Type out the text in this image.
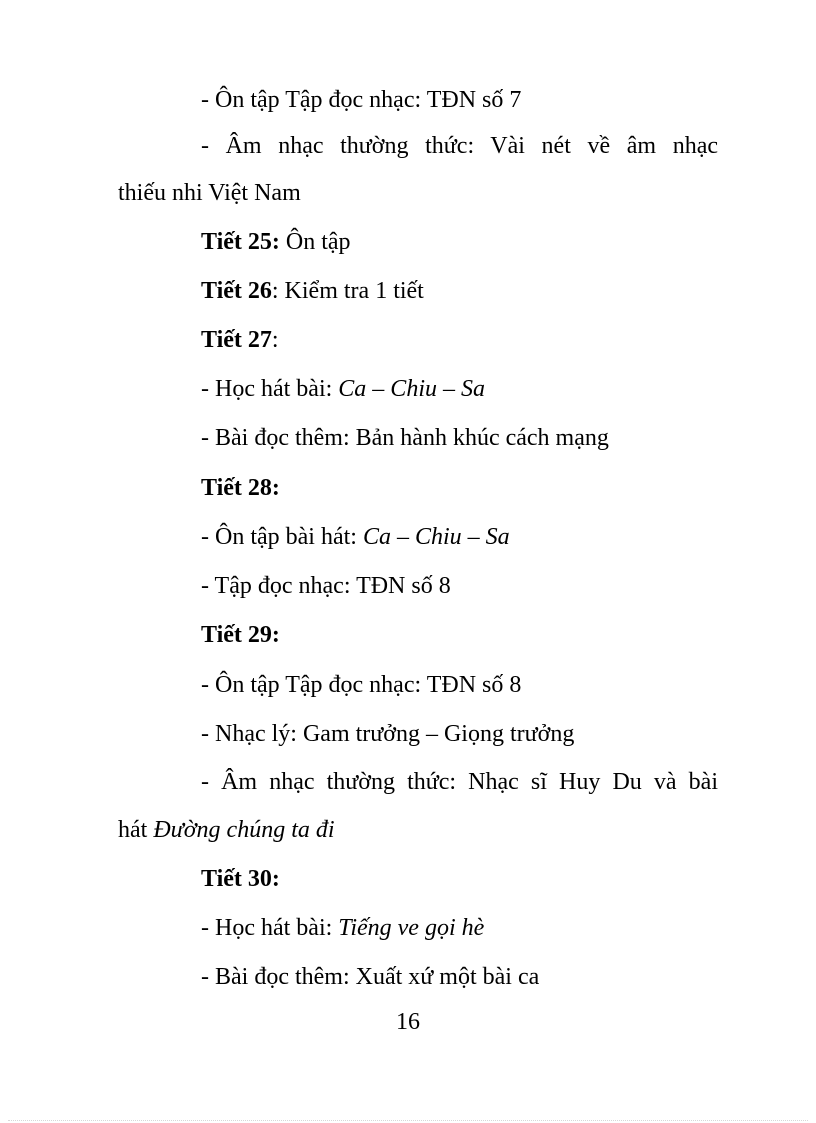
- Ôn tập Tập đọc nhạc: TĐN số 7
- Âm nhạc thường thức: Vài nét về âm nhạc
thiếu nhi Việt Nam
Tiết 25: Ôn tập
Tiết 26: Kiểm tra 1 tiết
Tiết 27:
- Học hát bài: Ca – Chiu – Sa
- Bài đọc thêm: Bản hành khúc cách mạng
Tiết 28:
- Ôn tập bài hát: Ca – Chiu – Sa
- Tập đọc nhạc: TĐN số 8
Tiết 29:
- Ôn tập Tập đọc nhạc: TĐN số 8
- Nhạc lý: Gam trưởng – Giọng trưởng
- Âm nhạc thường thức: Nhạc sĩ Huy Du và bài
hát Đường chúng ta đi
Tiết 30:
- Học hát bài: Tiếng ve gọi hè
- Bài đọc thêm: Xuất xứ một bài ca
16
